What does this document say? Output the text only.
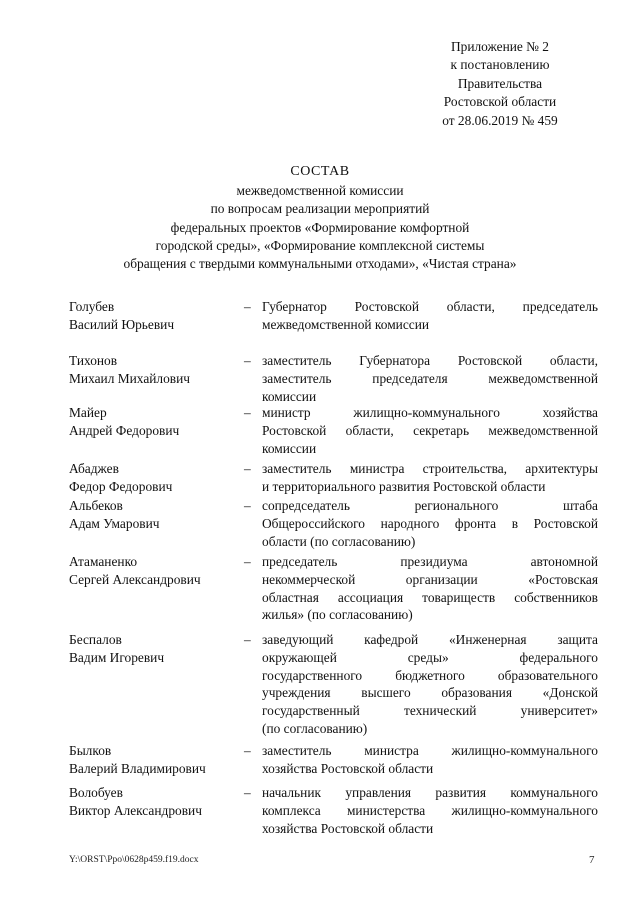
Приложение № 2
к постановлению
Правительства
Ростовской области
от 28.06.2019 № 459
СОСТАВ
межведомственной комиссии
по вопросам реализации мероприятий
федеральных проектов «Формирование комфортной
городской среды», «Формирование комплексной системы
обращения с твердыми коммунальными отходами», «Чистая страна»
Голубев
Василий Юрьевич
– Губернатор Ростовской области, председатель
межведомственной комиссии
Тихонов
Михаил Михайлович
– заместитель Губернатора Ростовской области,
заместитель председателя межведомственной
комиссии
Майер
Андрей Федорович
– министр жилищно-коммунального хозяйства
Ростовской области, секретарь межведомственной
комиссии
Абаджев
Федор Федорович
– заместитель министра строительства, архитектуры
и территориального развития Ростовской области
Альбеков
Адам Умарович
– сопредседатель регионального штаба
Общероссийского народного фронта в Ростовской
области (по согласованию)
Атаманенко
Сергей Александрович
– председатель президиума автономной
некоммерческой организации «Ростовская
областная ассоциация товариществ собственников
жилья» (по согласованию)
Беспалов
Вадим Игоревич
– заведующий кафедрой «Инженерная защита
окружающей среды» федерального
государственного бюджетного образовательного
учреждения высшего образования «Донской
государственный технический университет»
(по согласованию)
Былков
Валерий Владимирович
– заместитель министра жилищно-коммунального
хозяйства Ростовской области
Волобуев
Виктор Александрович
– начальник управления развития коммунального
комплекса министерства жилищно-коммунального
хозяйства Ростовской области
Y:\ORST\Ppo\0628p459.f19.docx	7
